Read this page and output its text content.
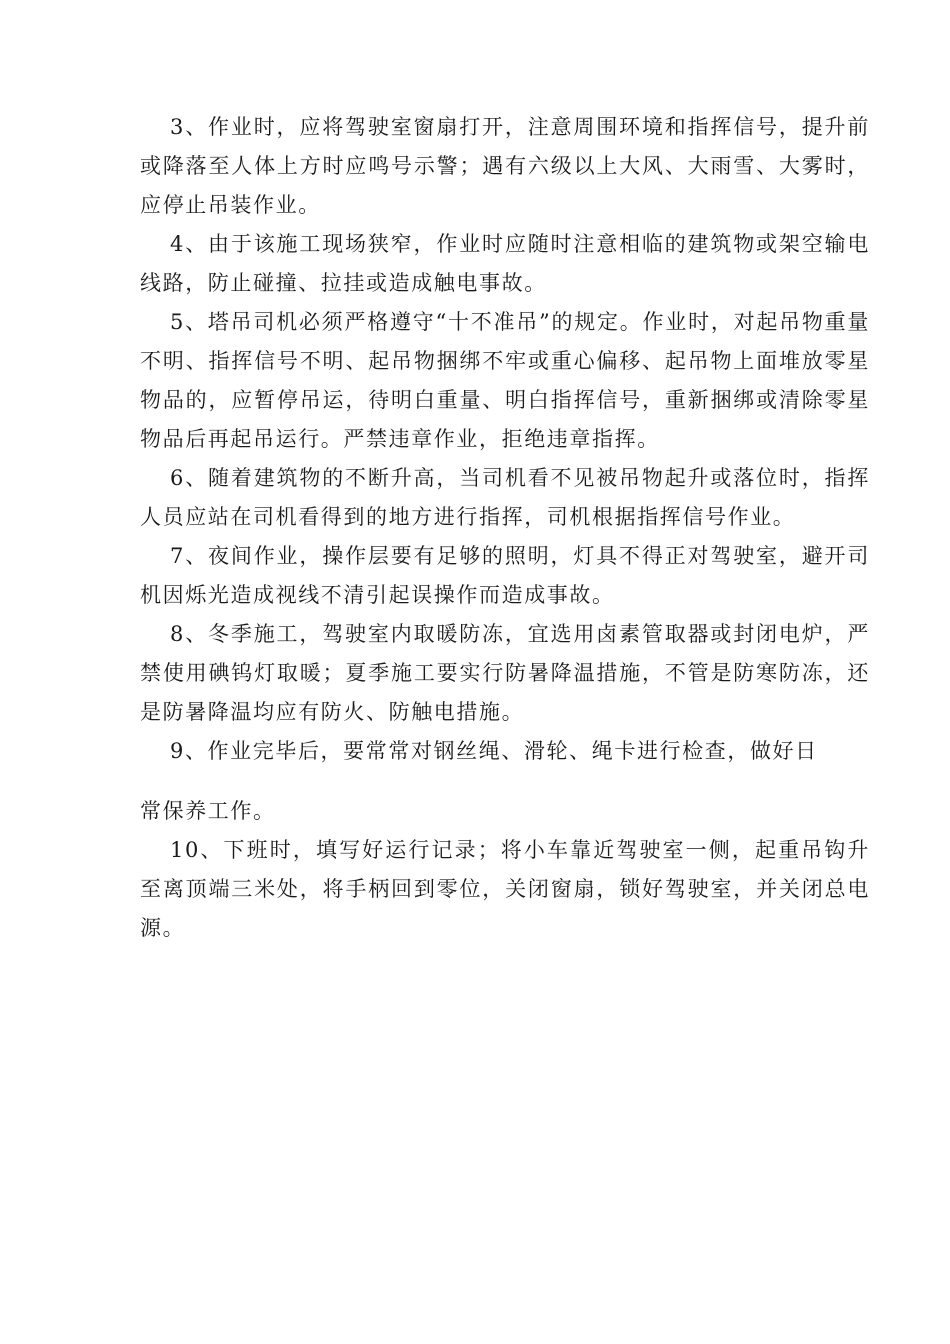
3、作业时，应将驾驶室窗扇打开，注意周围环境和指挥信号，提升前或降落至人体上方时应鸣号示警；遇有六级以上大风、大雨雪、大雾时，应停止吊装作业。

4、由于该施工现场狭窄，作业时应随时注意相临的建筑物或架空输电线路，防止碰撞、拉挂或造成触电事故。

5、塔吊司机必须严格遵守“十不准吊”的规定。作业时，对起吊物重量不明、指挥信号不明、起吊物捆绑不牢或重心偏移、起吊物上面堆放零星物品的，应暂停吊运，待明白重量、明白指挥信号，重新捆绑或清除零星物品后再起吊运行。严禁违章作业，拒绝违章指挥。

6、随着建筑物的不断升高，当司机看不见被吊物起升或落位时，指挥人员应站在司机看得到的地方进行指挥，司机根据指挥信号作业。

7、夜间作业，操作层要有足够的照明，灯具不得正对驾驶室，避开司机因烁光造成视线不清引起误操作而造成事故。

8、冬季施工，驾驶室内取暖防冻，宜选用卤素管取器或封闭电炉，严禁使用碘钨灯取暖；夏季施工要实行防暑降温措施，不管是防寒防冻，还是防暑降温均应有防火、防触电措施。

9、作业完毕后，要常常对钢丝绳、滑轮、绳卡进行检查，做好日

常保养工作。

10、下班时，填写好运行记录；将小车靠近驾驶室一侧，起重吊钩升至离顶端三米处，将手柄回到零位，关闭窗扇，锁好驾驶室，并关闭总电源。
